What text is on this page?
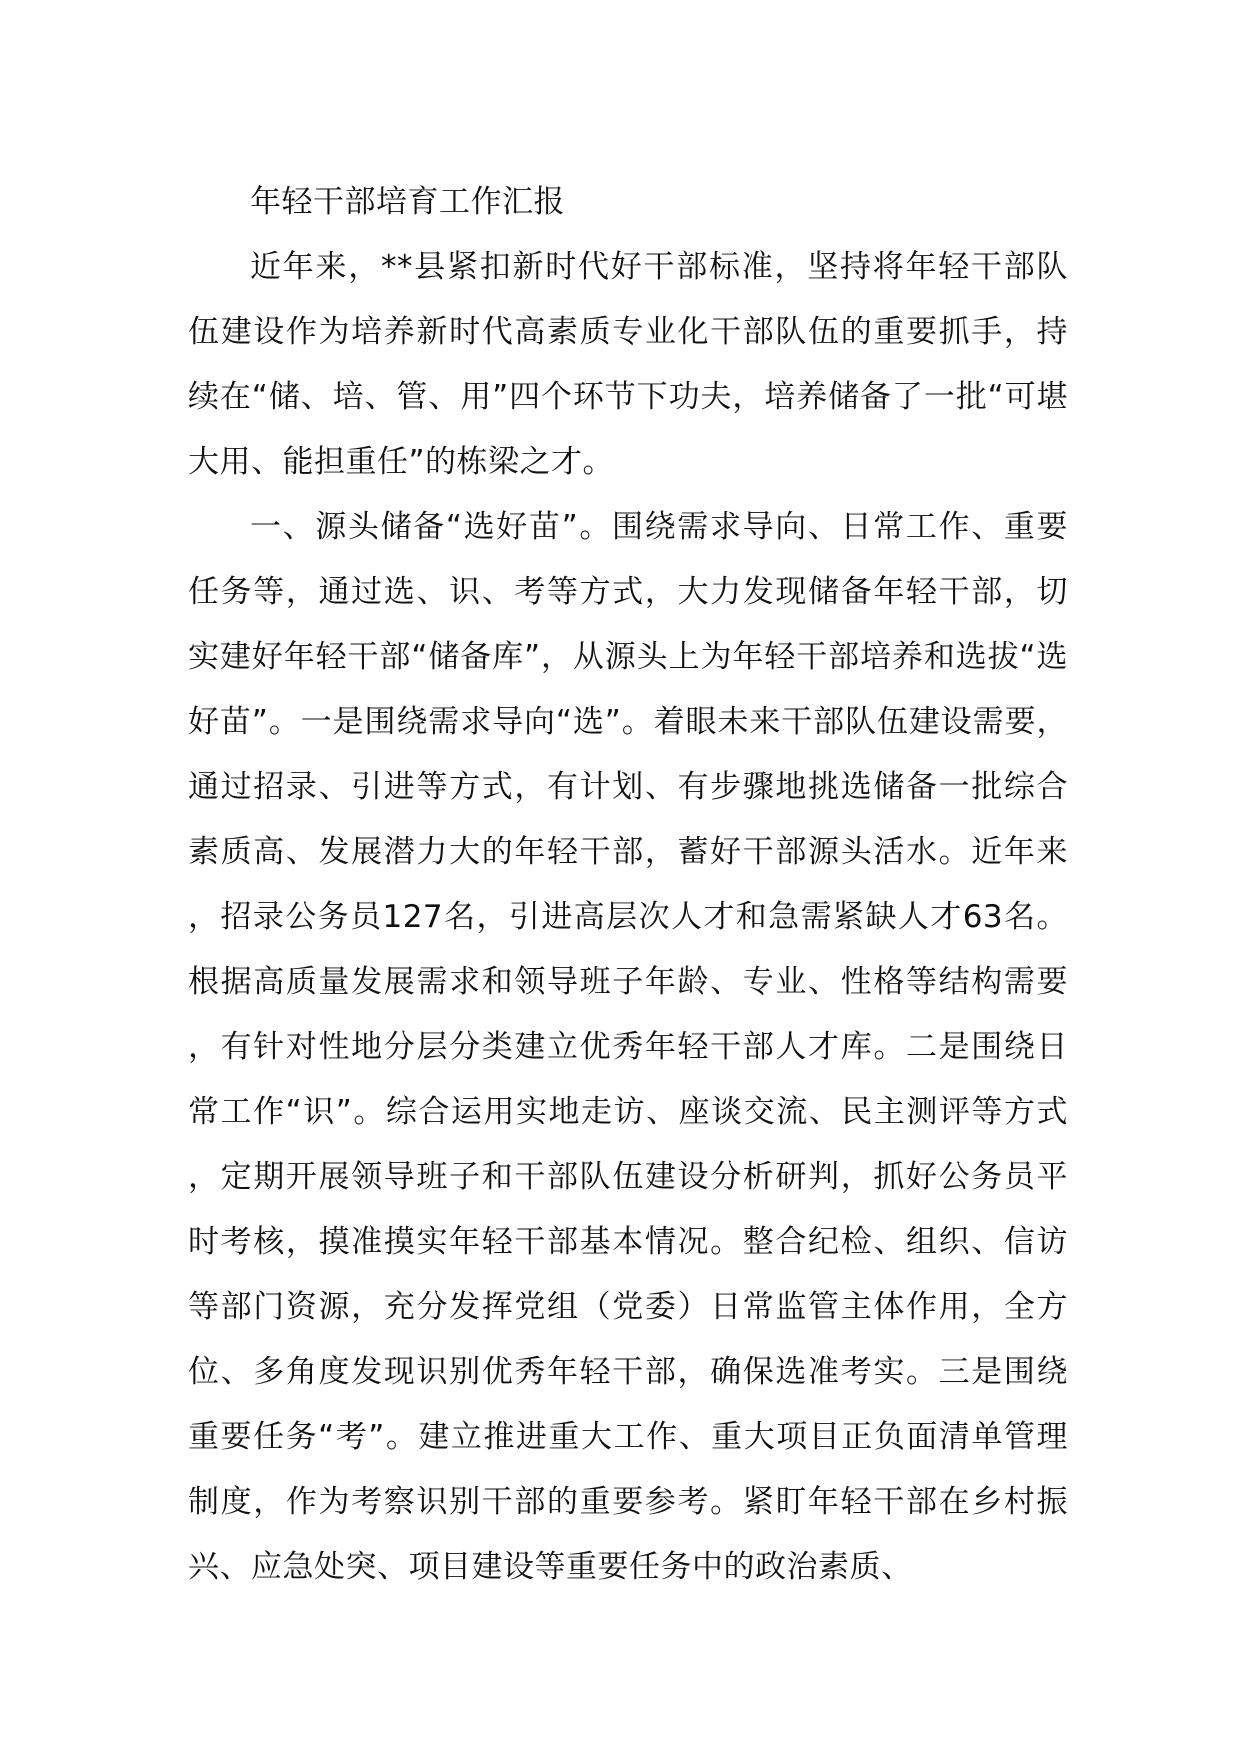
年轻干部培育工作汇报

近年来，**县紧扣新时代好干部标准，坚持将年轻干部队伍建设作为培养新时代高素质专业化干部队伍的重要抓手，持续在“储、培、管、用”四个环节下功夫，培养储备了一批“可堪大用、能担重任”的栋梁之才。

一、源头储备“选好苗”。围绕需求导向、日常工作、重要任务等，通过选、识、考等方式，大力发现储备年轻干部，切实建好年轻干部“储备库”，从源头上为年轻干部培养和选拔“选好苗”。一是围绕需求导向“选”。着眼未来干部队伍建设需要，通过招录、引进等方式，有计划、有步骤地挑选储备一批综合素质高、发展潜力大的年轻干部，蓄好干部源头活水。近年来，招录公务员127名，引进高层次人才和急需紧缺人才63名。根据高质量发展需求和领导班子年龄、专业、性格等结构需要，有针对性地分层分类建立优秀年轻干部人才库。二是围绕日常工作“识”。综合运用实地走访、座谈交流、民主测评等方式，定期开展领导班子和干部队伍建设分析研判，抓好公务员平时考核，摸准摸实年轻干部基本情况。整合纪检、组织、信访等部门资源，充分发挥党组（党委）日常监管主体作用，全方位、多角度发现识别优秀年轻干部，确保选准考实。三是围绕重要任务“考”。建立推进重大工作、重大项目正负面清单管理制度，作为考察识别干部的重要参考。紧盯年轻干部在乡村振兴、应急处突、项目建设等重要任务中的政治素质、
